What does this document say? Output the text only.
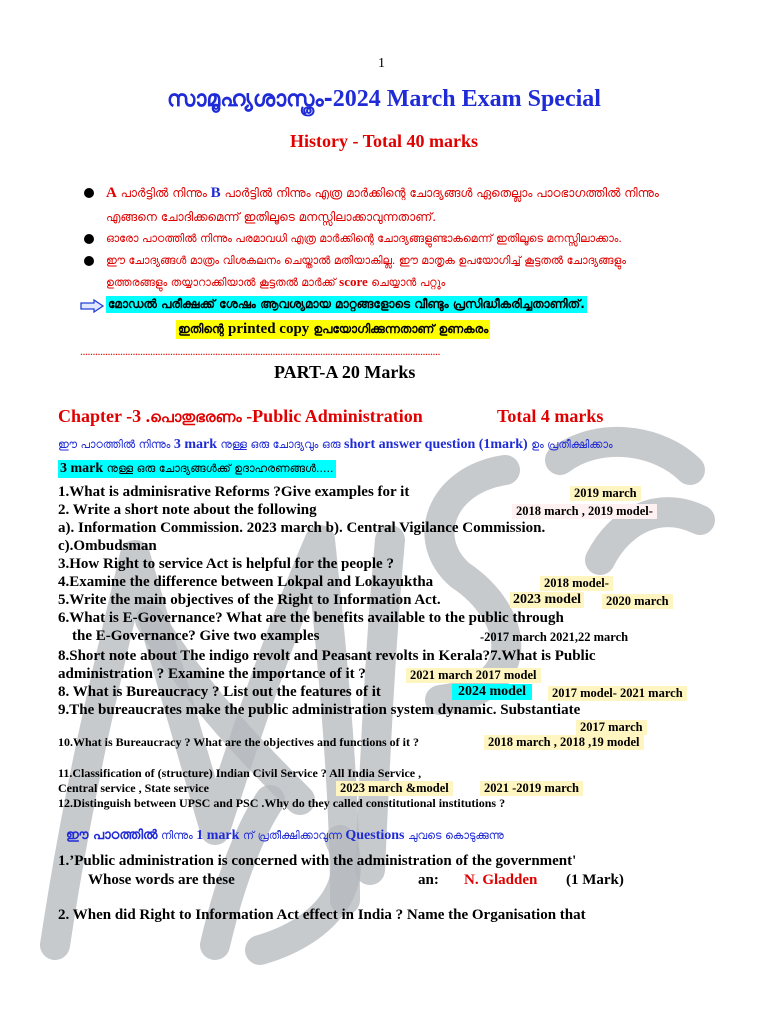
1
സാമൂഹ്യശാസ്ത്രം-2024 March Exam Special
History - Total 40 marks
A പാർട്ടിൽ നിന്നും B പാർട്ടിൽ നിന്നും എത്ര മാർക്കിന്റെ ചോദ്യങ്ങൾ ഏതെല്ലാം പാഠഭാഗത്തിൽ നിന്നും
എങ്ങനെ ചോദിക്കമെന്ന് ഇതിലൂടെ മനസ്സിലാക്കാവുന്നതാണ്.
ഓരോ പാഠത്തിൽ നിന്നും പരമാവധി എത്ര മാർക്കിന്റെ ചോദ്യങ്ങളുണ്ടാകമെന്ന് ഇതിലൂടെ മനസ്സിലാക്കാം.
ഈ ചോദ്യങ്ങൾ മാത്രം വിശകലനം ചെയ്താൽ മതിയാകില്ല. ഈ മാതൃക ഉപയോഗിച്ച് കൂട്ടതൽ ചോദ്യങ്ങളും
ഉത്തരങ്ങളും തയ്യാറാക്കിയാൽ കൂട്ടതൽ മാർക്ക് score ചെയ്യാൻ പറ്റും
മോഡൽ പരീക്ഷക്ക് ശേഷം ആവശ്യമായ മാറ്റങ്ങളോടെ വീണ്ടും പ്രസിദ്ധീകരിച്ചതാണിത്.
ഇതിന്റെ printed copy ഉപയോഗിക്കുന്നതാണ് ഉണകരം
................................................................................................................................................
PART-A 20 Marks
Chapter -3 .പൊതുഭരണം -Public Administration	Total 4 marks
ഈ പാഠത്തിൽ നിന്നും 3 mark നുള്ള ഒരു ചോദ്യവും ഒരു short answer question (1mark) ഉം പ്രതീക്ഷിക്കാം
3 mark നുള്ള ഒരു ചോദ്യങ്ങൾക്ക് ഉദാഹരണങ്ങൾ.....
1.What is adminisrative Reforms ?Give examples for it	2019 march
2. Write a short note about the following	2018 march , 2019 model-
a). Information Commission. 2023 march b). Central Vigilance Commission.
c).Ombudsman
3.How Right to service Act is helpful for the people ?
4.Examine the difference between Lokpal and Lokayuktha	2018 model-
5.Write the main objectives of the Right to Information Act.	2023 model	2020 march
6.What is E-Governance? What are the benefits available to the public through
the E-Governance? Give two examples	-2017 march 2021,22 march
8.Short note about The indigo revolt and Peasant revolts in Kerala?7.What is Public
administration ? Examine the importance of it ?	2021 march 2017 model
8. What is Bureaucracy ? List out the features of it	2024 model	2017 model- 2021 march
9.The bureaucrates make the public administration system dynamic. Substantiate
2017 march
10.What is Bureaucracy ? What are the objectives and functions of it ?	2018 march , 2018 ,19 model
11.Classification of (structure) Indian Civil Service ? All India Service ,
Central service , State service	2023 march &model	2021 -2019 march
12.Distinguish between UPSC and PSC .Why do they called constitutional institutions ?
ഈ പാഠത്തിൽ നിന്നും 1 mark ന് പ്രതീക്ഷിക്കാവുന്ന Questions ചുവടെ കൊടുക്കുന്നു
1.’Public administration is concerned with the administration of the government'
Whose words are these	an: N. Gladden (1 Mark)
2. When did Right to Information Act effect in India ? Name the Organisation that
